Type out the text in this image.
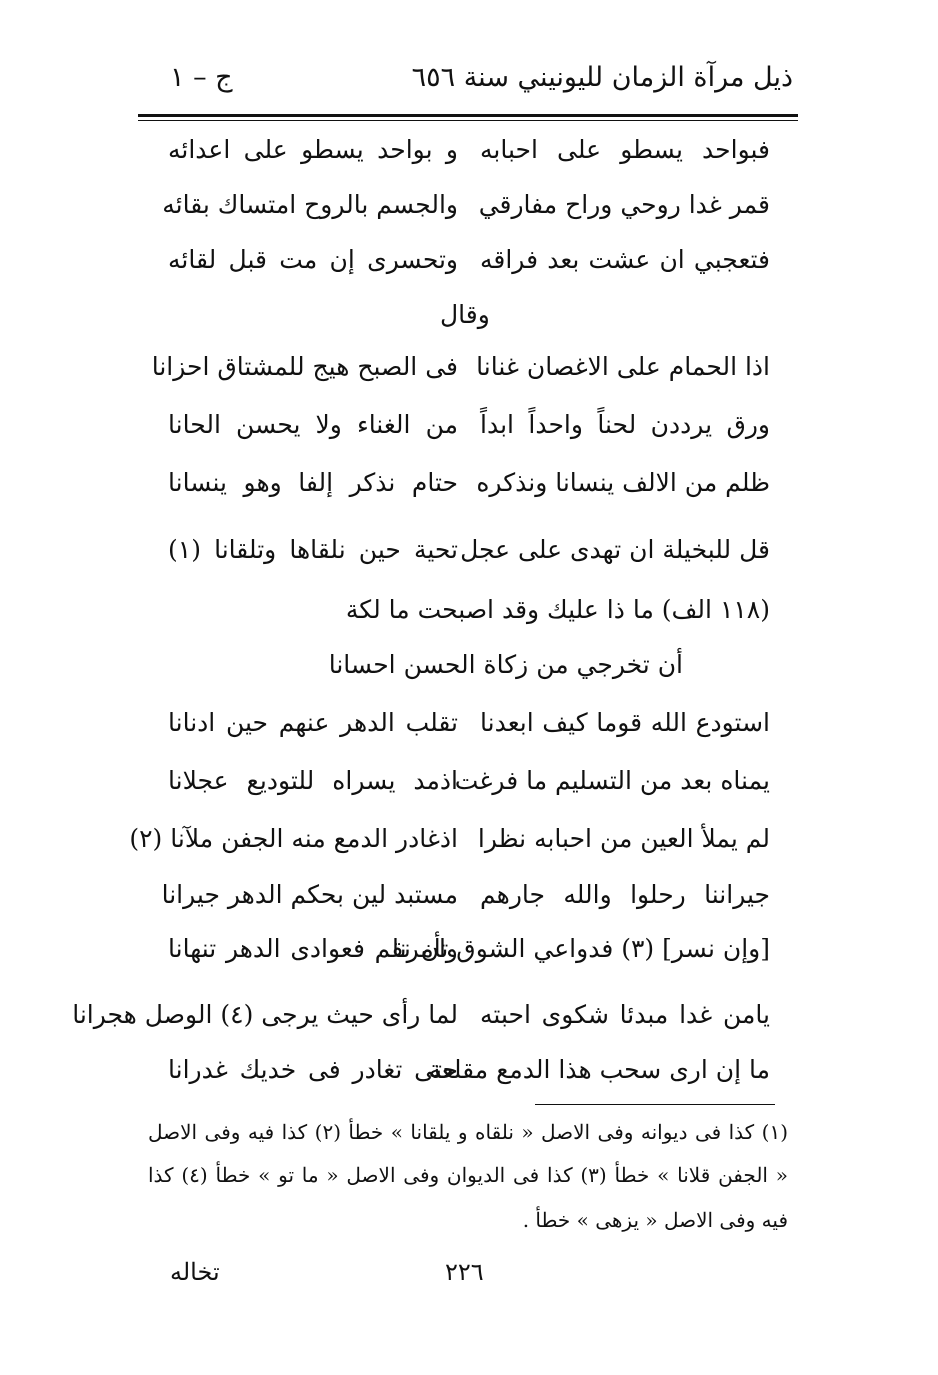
ذيل مرآة الزمان لليونيني سنة ٦٥٦
ج – ١
فبواحد يسطو على احبابه
و بواحد يسطو على اعدائه
قمر غدا روحي وراح مفارقي
والجسم بالروح امتساك بقائه
فتعجبي ان عشت بعد فراقه
وتحسرى إن مت قبل لقائه
وقال
اذا الحمام على الاغصان غنانا
فى الصبح هيج للمشتاق احزانا
ورق يرددن لحناً واحداً ابداً
من الغناء ولا يحسن الحانا
ظلم من الالف ينسانا ونذكره
حتام نذكر إلفا وهو ينسانا
قل للبخيلة ان تهدى على عجل
تحية حين نلقاها وتلقانا (١)
(١١٨ الف) ما ذا عليك وقد اصبحت ما لكة
أن تخرجي من زكاة الحسن احسانا
استودع الله قوما كيف ابعدنا
تقلب الدهر عنهم حين ادنانا
يمناه بعد من التسليم ما فرغت
اذمد يسراه للتوديع عجلانا
لم يملأ العين من احبابه نظرا
اذغادر الدمع منه الجفن ملآنا (٢)
جيراننا رحلوا والله جارهم
مستبد لين بحكم الدهر جيرانا
[وإن نسر] (٣) فدواعي الشوق تأمرنا
وان نقم فعوادى الدهر تنهانا
يامن غدا مبدئا شكوى احبته
لما رأى حيث يرجى (٤) الوصل هجرانا
ما إن ارى سحب هذا الدمع مقلعة
حتى تغادر فى خديك غدرانا
(١) كذا فى ديوانه وفى الاصل « نلقاه و يلقانا » خطأ (٢) كذا فيه وفى الاصل
« الجفن قلانا » خطأ (٣) كذا فى الديوان وفى الاصل « ما تو » خطأ (٤) كذا
فيه وفى الاصل « يزهى » خطأ .
٢٢٦
تخاله
